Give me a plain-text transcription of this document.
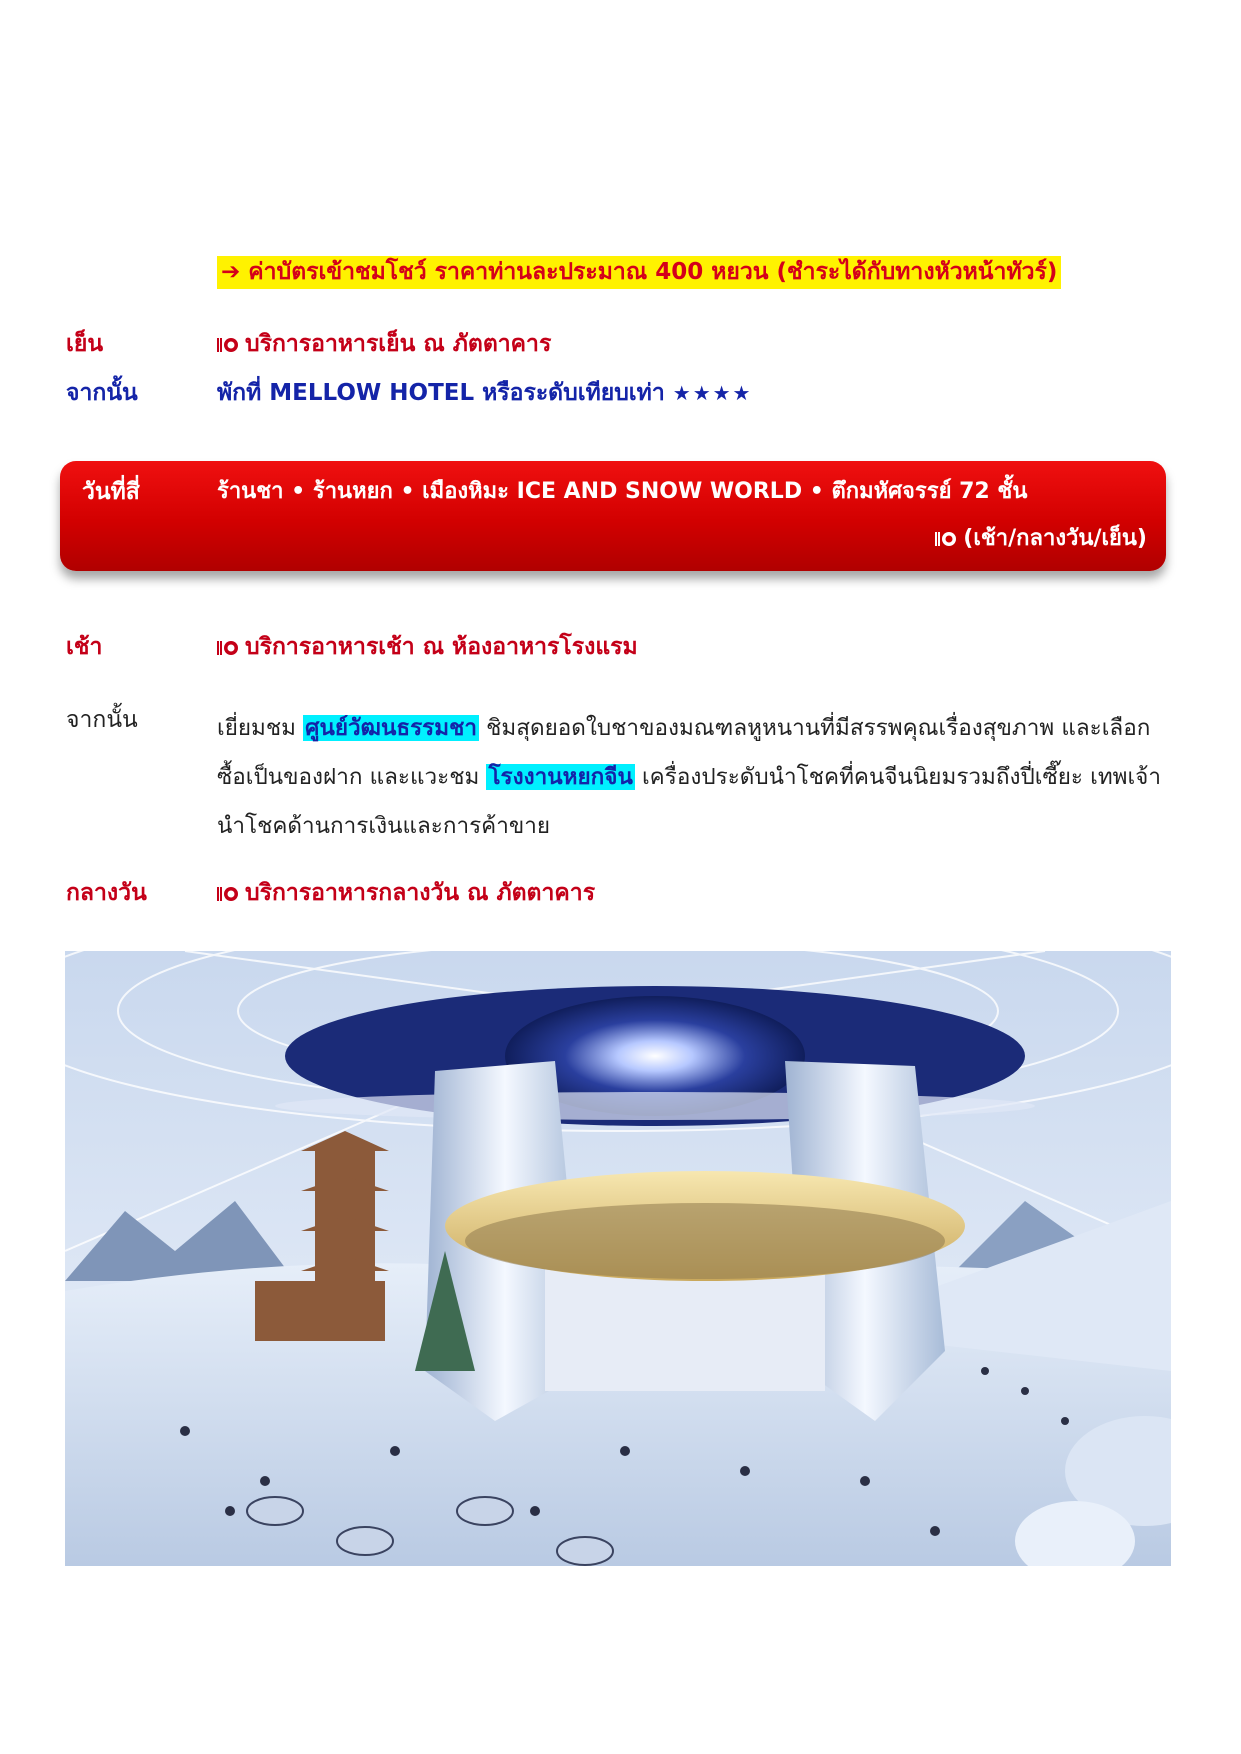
➔ ค่าบัตรเข้าชมโชว์ ราคาท่านละประมาณ 400 หยวน (ชำระได้กับทางหัวหน้าทัวร์)
เย็น	บริการอาหารเย็น ณ ภัตตาคาร
จากนั้น	พักที่ MELLOW HOTEL หรือระดับเทียบเท่า ★★★★
วันที่สี่	ร้านชา • ร้านหยก • เมืองหิมะ ICE AND SNOW WORLD • ตึกมหัศจรรย์ 72 ชั้น
(เช้า/กลางวัน/เย็น)
เช้า	บริการอาหารเช้า ณ ห้องอาหารโรงแรม
จากนั้น	เยี่ยมชม ศูนย์วัฒนธรรมชา ชิมสุดยอดใบชาของมณฑลหูหนานที่มีสรรพคุณเรื่องสุขภาพ และเลือกซื้อเป็นของฝาก และแวะชม โรงงานหยกจีน เครื่องประดับนำโชคที่คนจีนนิยมรวมถึงปี่เซี๊ยะ เทพเจ้านำโชคด้านการเงินและการค้าขาย
กลางวัน	บริการอาหารกลางวัน ณ ภัตตาคาร
